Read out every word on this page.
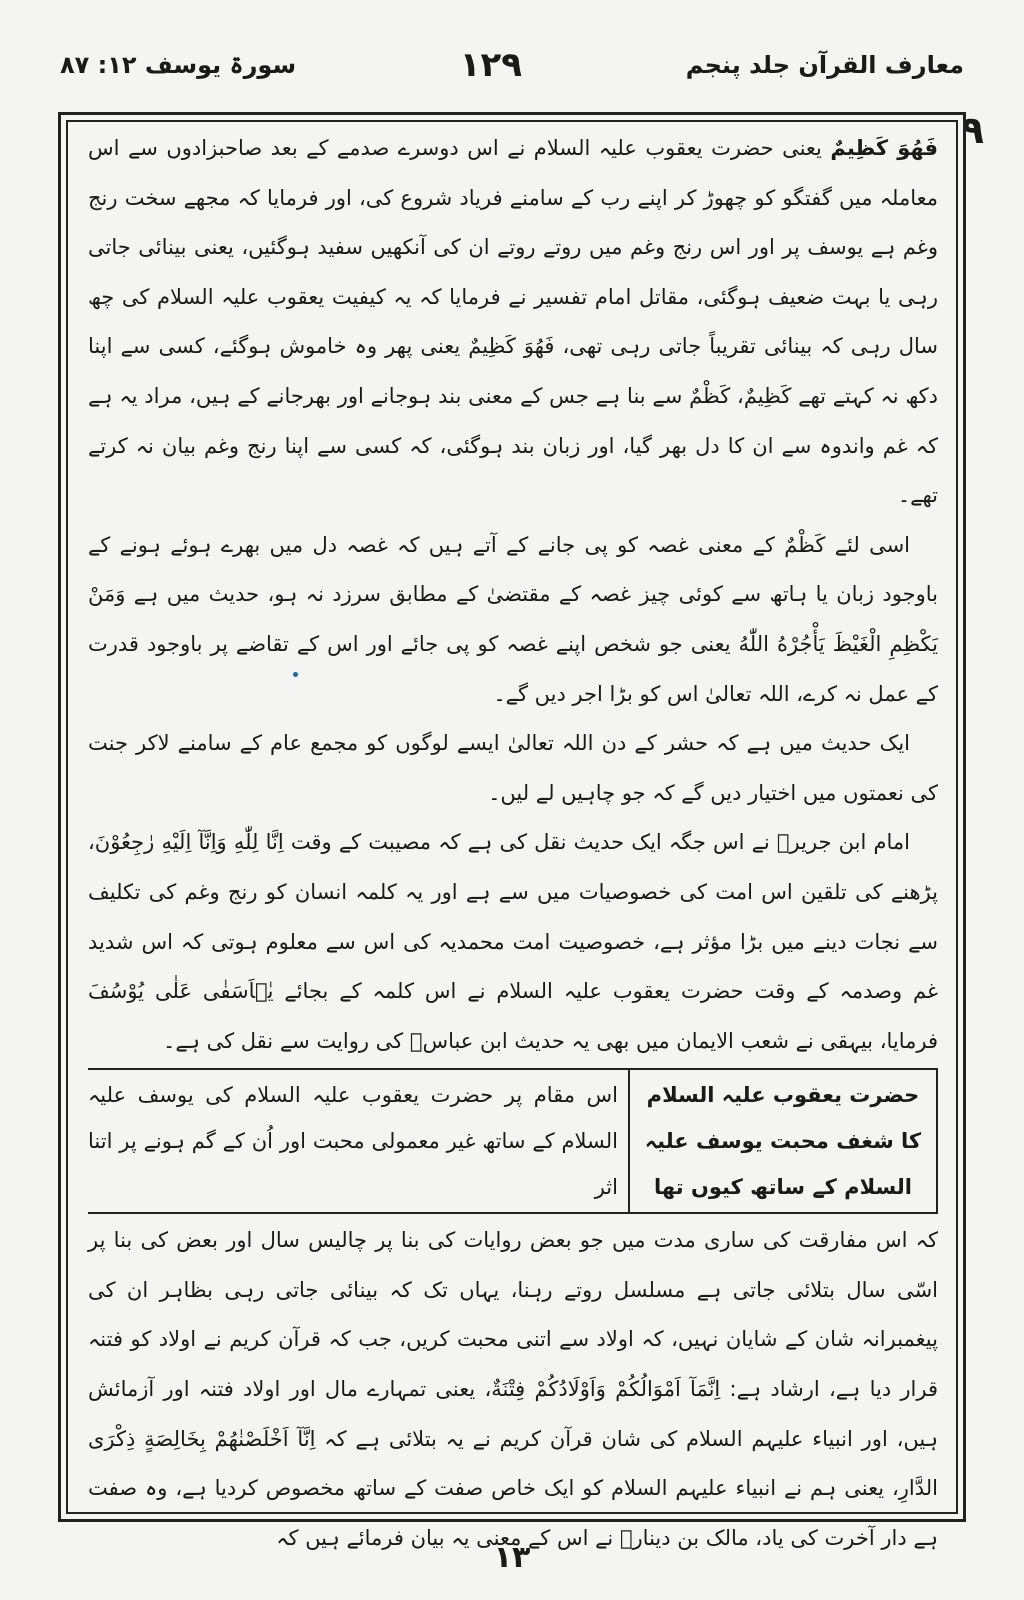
معارف القرآن جلد پنجم
١٢٩
سورۃ یوسف ۱۲: ۸۷
٩

فَهُوَ كَظِيمٌ یعنی حضرت یعقوب علیہ السلام نے اس دوسرے صدمے کے بعد صاحبزادوں سے اس معاملہ میں گفتگو کو چھوڑ کر اپنے رب کے سامنے فریاد شروع کی، اور فرمایا کہ مجھے سخت رنج وغم ہے یوسف پر اور اس رنج وغم میں روتے روتے ان کی آنکھیں سفید ہوگئیں، یعنی بینائی جاتی رہی یا بہت ضعیف ہوگئی، مقاتل امام تفسیر نے فرمایا کہ یہ کیفیت یعقوب علیہ السلام کی چھ سال رہی کہ بینائی تقریباً جاتی رہی تھی، فَهُوَ كَظِيمٌ یعنی پھر وہ خاموش ہوگئے، کسی سے اپنا دکھ نہ کہتے تھے كَظِيمٌ، كَظْمٌ سے بنا ہے جس کے معنی بند ہوجانے اور بھرجانے کے ہیں، مراد یہ ہے کہ غم واندوہ سے ان کا دل بھر گیا، اور زبان بند ہوگئی، کہ کسی سے اپنا رنج وغم بیان نہ کرتے تھے۔

اسی لئے كَظْمٌ کے معنی غصہ کو پی جانے کے آتے ہیں کہ غصہ دل میں بھرے ہوئے ہونے کے باوجود زبان یا ہاتھ سے کوئی چیز غصہ کے مقتضیٰ کے مطابق سرزد نہ ہو، حدیث میں ہے وَمَنْ يَكْظِمِ الْغَيْظَ يَأْجُرْهُ اللّٰهُ یعنی جو شخص اپنے غصہ کو پی جائے اور اس کے تقاضے پر باوجود قدرت کے عمل نہ کرے، اللہ تعالیٰ اس کو بڑا اجر دیں گے۔

ایک حدیث میں ہے کہ حشر کے دن اللہ تعالیٰ ایسے لوگوں کو مجمع عام کے سامنے لاکر جنت کی نعمتوں میں اختیار دیں گے کہ جو چاہیں لے لیں۔

امام ابن جریرؒ نے اس جگہ ایک حدیث نقل کی ہے کہ مصیبت کے وقت اِنَّا لِلّٰهِ وَاِنَّآ اِلَيْهِ رٰجِعُوْنَ، پڑھنے کی تلقین اس امت کی خصوصیات میں سے ہے اور یہ کلمہ انسان کو رنج وغم کی تکلیف سے نجات دینے میں بڑا مؤثر ہے، خصوصیت امت محمدیہ کی اس سے معلوم ہوتی کہ اس شدید غم وصدمہ کے وقت حضرت یعقوب علیہ السلام نے اس کلمہ کے بجائے يٰۤاَسَفٰى عَلٰى يُوْسُفَ فرمایا، بیہقی نے شعب الایمان میں بھی یہ حدیث ابن عباسؓ کی روایت سے نقل کی ہے۔

حضرت یعقوب علیہ السلام کا شغف محبت یوسف علیہ السلام کے ساتھ کیوں تھا
اس مقام پر حضرت یعقوب علیہ السلام کی یوسف علیہ السلام کے ساتھ غیر معمولی محبت اور اُن کے گم ہونے پر اتنا اثر

کہ اس مفارقت کی ساری مدت میں جو بعض روایات کی بنا پر چالیس سال اور بعض کی بنا پر اسّی سال بتلائی جاتی ہے مسلسل روتے رہنا، یہاں تک کہ بینائی جاتی رہی بظاہر ان کی پیغمبرانہ شان کے شایان نہیں، کہ اولاد سے اتنی محبت کریں، جب کہ قرآن کریم نے اولاد کو فتنہ قرار دیا ہے، ارشاد ہے: اِنَّمَآ اَمْوَالُكُمْ وَاَوْلَادُكُمْ فِتْنَةٌ، یعنی تمہارے مال اور اولاد فتنہ اور آزمائش ہیں، اور انبیاء علیہم السلام کی شان قرآن کریم نے یہ بتلائی ہے کہ اِنَّآ اَخْلَصْنٰهُمْ بِخَالِصَةٍ ذِكْرَى الدَّارِ، یعنی ہم نے انبیاء علیہم السلام کو ایک خاص صفت کے ساتھ مخصوص کردیا ہے، وہ صفت ہے دار آخرت کی یاد، مالک بن دینارؒ نے اس کے معنی یہ بیان فرمائے ہیں کہ

١٣
